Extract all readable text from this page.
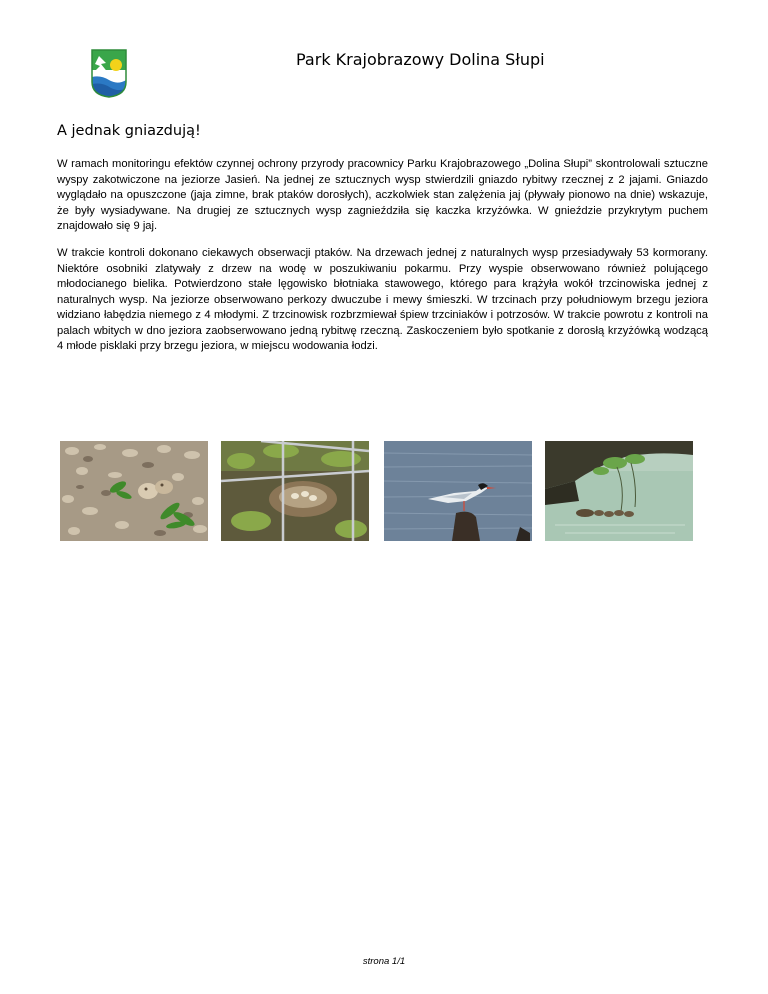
Park Krajobrazowy Dolina Słupi
A jednak gniazdują!

W ramach monitoringu efektów czynnej ochrony przyrody pracownicy Parku Krajobrazowego „Dolina Słupi” skontrolowali sztuczne wyspy zakotwiczone na jeziorze Jasień. Na jednej ze sztucznych wysp stwierdzili gniazdo rybitwy rzecznej z 2 jajami. Gniazdo wyglądało na opuszczone (jaja zimne, brak ptaków dorosłych), aczkolwiek stan zalężenia jaj (pływały pionowo na dnie) wskazuje, że były wysiadywane. Na drugiej ze sztucznych wysp zagnieździła się kaczka krzyżówka. W gnieździe przykrytym puchem znajdowało się 9 jaj.

W trakcie kontroli dokonano ciekawych obserwacji ptaków. Na drzewach jednej z naturalnych wysp przesiadywały 53 kormorany. Niektóre osobniki zlatywały z drzew na wodę w poszukiwaniu pokarmu. Przy wyspie obserwowano również polującego młodocianego bielika. Potwierdzono stałe lęgowisko błotniaka stawowego, którego para krążyła wokół trzcinowiska jednej z naturalnych wysp. Na jeziorze obserwowano perkozy dwuczube i mewy śmieszki. W trzcinach przy południowym brzegu jeziora widziano łabędzia niemego z 4 młodymi. Z trzcinowisk rozbrzmiewał śpiew trzciniaków i potrzosów. W trakcie powrotu z kontroli na palach wbitych w dno jeziora zaobserwowano jedną rybitwę rzeczną. Zaskoczeniem było spotkanie z dorosłą krzyżówką wodzącą 4 młode pisklaki przy brzegu jeziora, w miejscu wodowania łodzi.

strona 1/1
